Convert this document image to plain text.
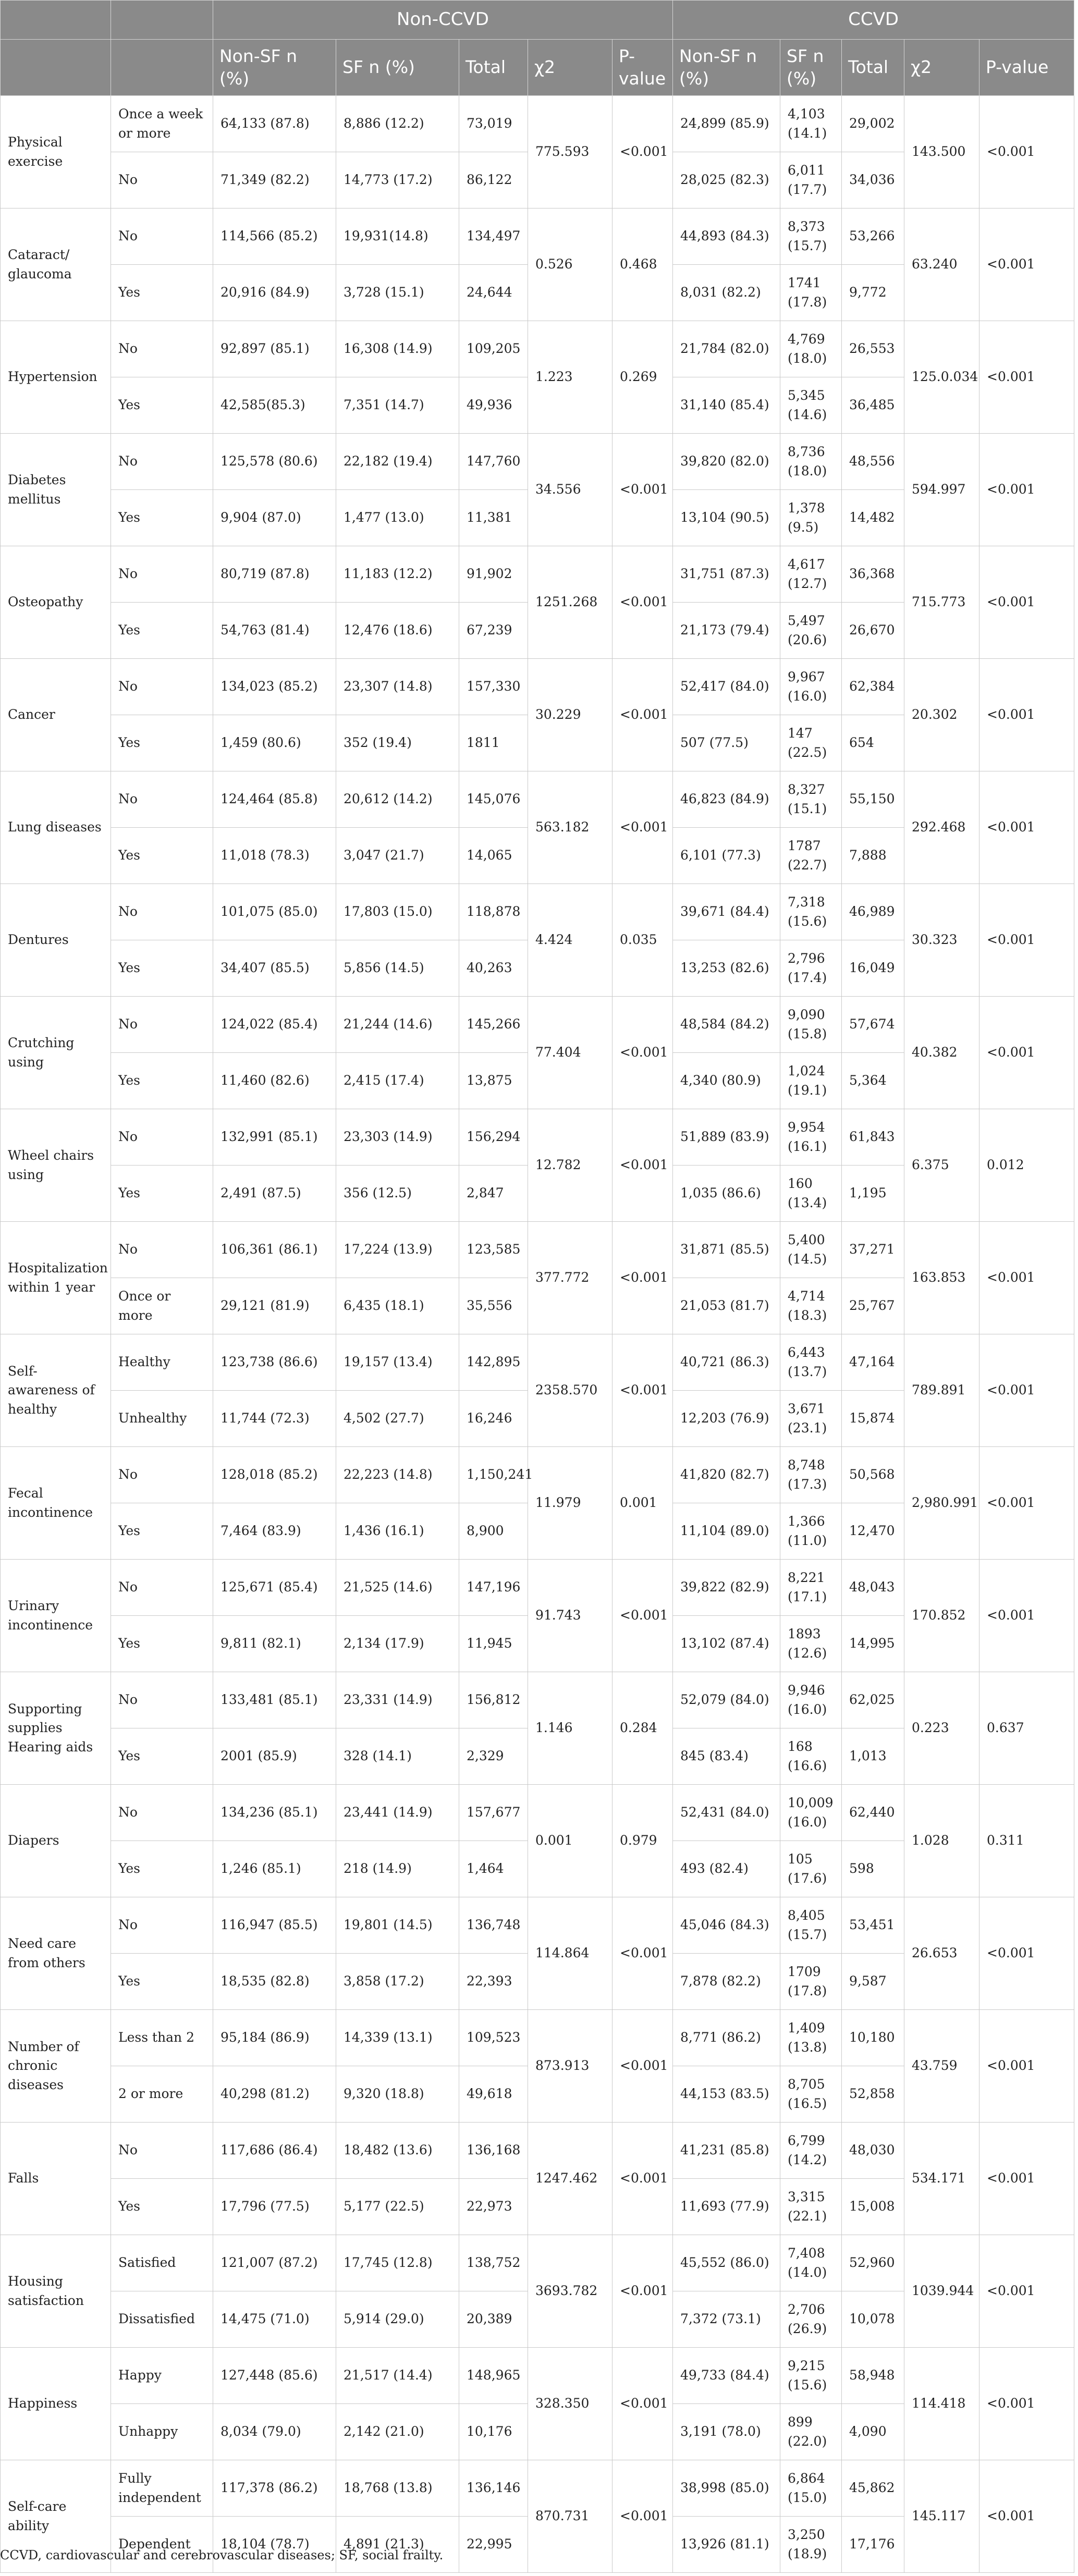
		Non-CCVD					CCVD				
		Non-SF n (%)	SF n (%)	Total	χ2	P-value	Non-SF n (%)	SF n (%)	Total	χ2	P-value
Physical exercise	Once a week or more	64,133 (87.8)	8,886 (12.2)	73,019	775.593	<0.001	24,899 (85.9)	4,103 (14.1)	29,002	143.500	<0.001
	No	71,349 (82.2)	14,773 (17.2)	86,122			28,025 (82.3)	6,011 (17.7)	34,036		
Cataract/ glaucoma	No	114,566 (85.2)	19,931(14.8)	134,497	0.526	0.468	44,893 (84.3)	8,373 (15.7)	53,266	63.240	<0.001
	Yes	20,916 (84.9)	3,728 (15.1)	24,644			8,031 (82.2)	1741 (17.8)	9,772		
Hypertension	No	92,897 (85.1)	16,308 (14.9)	109,205	1.223	0.269	21,784 (82.0)	4,769 (18.0)	26,553	125.0.034	<0.001
	Yes	42,585(85.3)	7,351 (14.7)	49,936			31,140 (85.4)	5,345 (14.6)	36,485		
Diabetes mellitus	No	125,578 (80.6)	22,182 (19.4)	147,760	34.556	<0.001	39,820 (82.0)	8,736 (18.0)	48,556	594.997	<0.001
	Yes	9,904 (87.0)	1,477 (13.0)	11,381			13,104 (90.5)	1,378 (9.5)	14,482		
Osteopathy	No	80,719 (87.8)	11,183 (12.2)	91,902	1251.268	<0.001	31,751 (87.3)	4,617 (12.7)	36,368	715.773	<0.001
	Yes	54,763 (81.4)	12,476 (18.6)	67,239			21,173 (79.4)	5,497 (20.6)	26,670		
Cancer	No	134,023 (85.2)	23,307 (14.8)	157,330	30.229	<0.001	52,417 (84.0)	9,967 (16.0)	62,384	20.302	<0.001
	Yes	1,459 (80.6)	352 (19.4)	1811			507 (77.5)	147 (22.5)	654		
Lung diseases	No	124,464 (85.8)	20,612 (14.2)	145,076	563.182	<0.001	46,823 (84.9)	8,327 (15.1)	55,150	292.468	<0.001
	Yes	11,018 (78.3)	3,047 (21.7)	14,065			6,101 (77.3)	1787 (22.7)	7,888		
Dentures	No	101,075 (85.0)	17,803 (15.0)	118,878	4.424	0.035	39,671 (84.4)	7,318 (15.6)	46,989	30.323	<0.001
	Yes	34,407 (85.5)	5,856 (14.5)	40,263			13,253 (82.6)	2,796 (17.4)	16,049		
Crutching using	No	124,022 (85.4)	21,244 (14.6)	145,266	77.404	<0.001	48,584 (84.2)	9,090 (15.8)	57,674	40.382	<0.001
	Yes	11,460 (82.6)	2,415 (17.4)	13,875			4,340 (80.9)	1,024 (19.1)	5,364		
Wheel chairs using	No	132,991 (85.1)	23,303 (14.9)	156,294	12.782	<0.001	51,889 (83.9)	9,954 (16.1)	61,843	6.375	0.012
	Yes	2,491 (87.5)	356 (12.5)	2,847			1,035 (86.6)	160 (13.4)	1,195		
Hospitalization within 1 year	No	106,361 (86.1)	17,224 (13.9)	123,585	377.772	<0.001	31,871 (85.5)	5,400 (14.5)	37,271	163.853	<0.001
	Once or more	29,121 (81.9)	6,435 (18.1)	35,556			21,053 (81.7)	4,714 (18.3)	25,767		
Self-awareness of healthy	Healthy	123,738 (86.6)	19,157 (13.4)	142,895	2358.570	<0.001	40,721 (86.3)	6,443 (13.7)	47,164	789.891	<0.001
	Unhealthy	11,744 (72.3)	4,502 (27.7)	16,246			12,203 (76.9)	3,671 (23.1)	15,874		
Fecal incontinence	No	128,018 (85.2)	22,223 (14.8)	1,150,241	11.979	0.001	41,820 (82.7)	8,748 (17.3)	50,568	2,980.991	<0.001
	Yes	7,464 (83.9)	1,436 (16.1)	8,900			11,104 (89.0)	1,366 (11.0)	12,470		
Urinary incontinence	No	125,671 (85.4)	21,525 (14.6)	147,196	91.743	<0.001	39,822 (82.9)	8,221 (17.1)	48,043	170.852	<0.001
	Yes	9,811 (82.1)	2,134 (17.9)	11,945			13,102 (87.4)	1893 (12.6)	14,995		
Supporting supplies Hearing aids	No	133,481 (85.1)	23,331 (14.9)	156,812	1.146	0.284	52,079 (84.0)	9,946 (16.0)	62,025	0.223	0.637
	Yes	2001 (85.9)	328 (14.1)	2,329			845 (83.4)	168 (16.6)	1,013		
Diapers	No	134,236 (85.1)	23,441 (14.9)	157,677	0.001	0.979	52,431 (84.0)	10,009 (16.0)	62,440	1.028	0.311
	Yes	1,246 (85.1)	218 (14.9)	1,464			493 (82.4)	105 (17.6)	598		
Need care from others	No	116,947 (85.5)	19,801 (14.5)	136,748	114.864	<0.001	45,046 (84.3)	8,405 (15.7)	53,451	26.653	<0.001
	Yes	18,535 (82.8)	3,858 (17.2)	22,393			7,878 (82.2)	1709 (17.8)	9,587		
Number of chronic diseases	Less than 2	95,184 (86.9)	14,339 (13.1)	109,523	873.913	<0.001	8,771 (86.2)	1,409 (13.8)	10,180	43.759	<0.001
	2 or more	40,298 (81.2)	9,320 (18.8)	49,618			44,153 (83.5)	8,705 (16.5)	52,858		
Falls	No	117,686 (86.4)	18,482 (13.6)	136,168	1247.462	<0.001	41,231 (85.8)	6,799 (14.2)	48,030	534.171	<0.001
	Yes	17,796 (77.5)	5,177 (22.5)	22,973			11,693 (77.9)	3,315 (22.1)	15,008		
Housing satisfaction	Satisfied	121,007 (87.2)	17,745 (12.8)	138,752	3693.782	<0.001	45,552 (86.0)	7,408 (14.0)	52,960	1039.944	<0.001
	Dissatisfied	14,475 (71.0)	5,914 (29.0)	20,389			7,372 (73.1)	2,706 (26.9)	10,078		
Happiness	Happy	127,448 (85.6)	21,517 (14.4)	148,965	328.350	<0.001	49,733 (84.4)	9,215 (15.6)	58,948	114.418	<0.001
	Unhappy	8,034 (79.0)	2,142 (21.0)	10,176			3,191 (78.0)	899 (22.0)	4,090		
Self-care ability	Fully independent	117,378 (86.2)	18,768 (13.8)	136,146	870.731	<0.001	38,998 (85.0)	6,864 (15.0)	45,862	145.117	<0.001
	Dependent	18,104 (78.7)	4,891 (21.3)	22,995			13,926 (81.1)	3,250 (18.9)	17,176		
CCVD, cardiovascular and cerebrovascular diseases; SF, social frailty.
